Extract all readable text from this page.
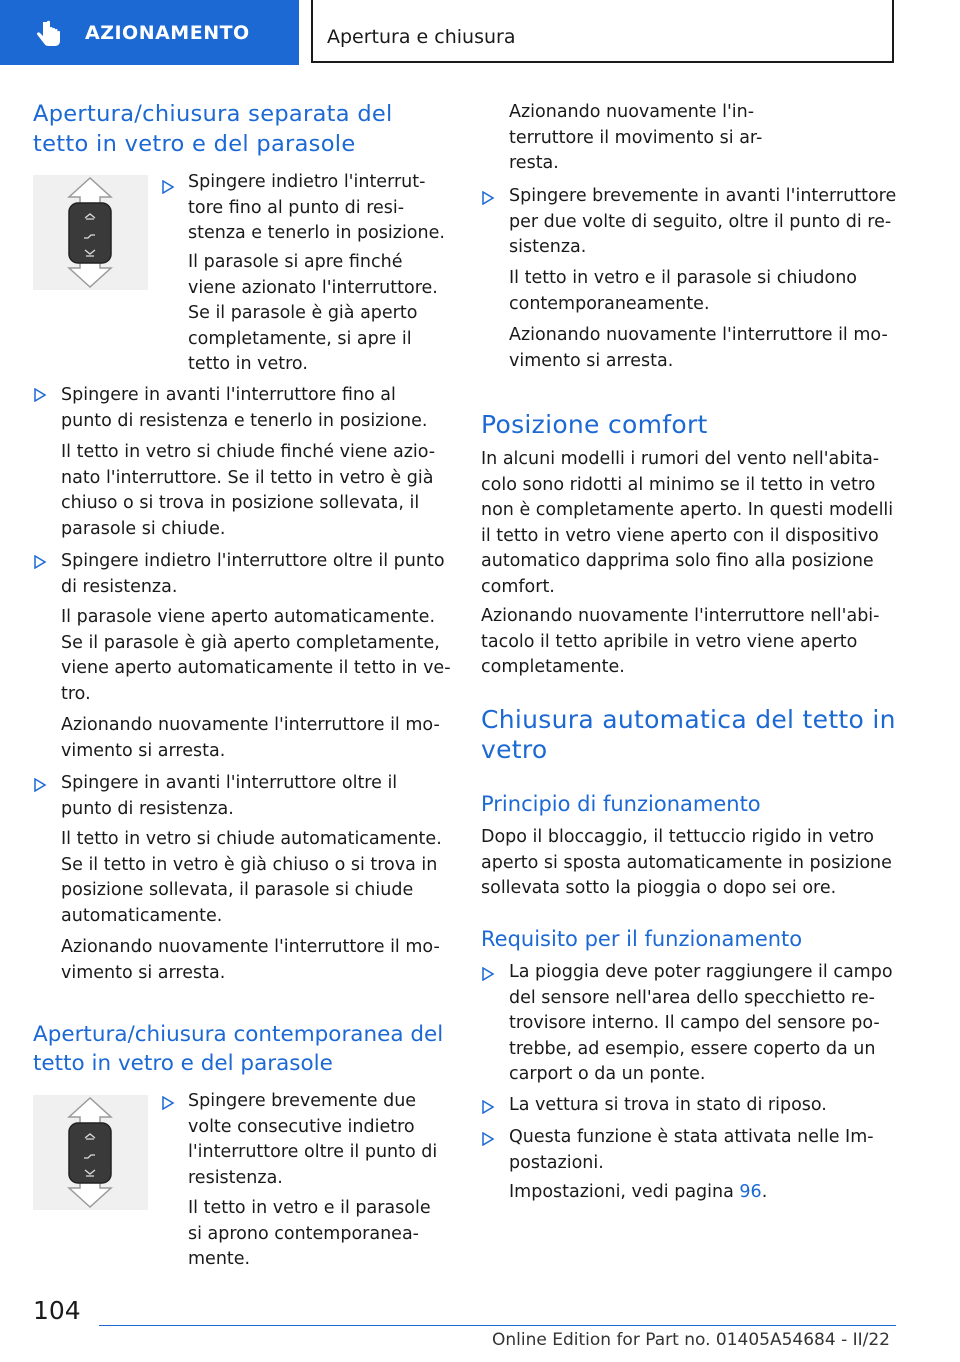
AZIONAMENTO	Apertura e chiusura
Apertura/chiusura separata del tetto in vetro e del parasole
Spingere indietro l'interrut-tore fino al punto di resi-stenza e tenerlo in posizione.
Il parasole si apre finché viene azionato l'interruttore. Se il parasole è già aperto completamente, si apre il tetto in vetro.
Spingere in avanti l'interruttore fino al punto di resistenza e tenerlo in posizione.
Il tetto in vetro si chiude finché viene azio-nato l'interruttore. Se il tetto in vetro è già chiuso o si trova in posizione sollevata, il parasole si chiude.
Spingere indietro l'interruttore oltre il punto di resistenza.
Il parasole viene aperto automaticamente. Se il parasole è già aperto completamente, viene aperto automaticamente il tetto in ve-tro.
Azionando nuovamente l'interruttore il mo-vimento si arresta.
Spingere in avanti l'interruttore oltre il punto di resistenza.
Il tetto in vetro si chiude automaticamente. Se il tetto in vetro è già chiuso o si trova in posizione sollevata, il parasole si chiude automaticamente.
Azionando nuovamente l'interruttore il mo-vimento si arresta.
Apertura/chiusura contemporanea del tetto in vetro e del parasole
Spingere brevemente due volte consecutive indietro l'interruttore oltre il punto di resistenza.
Il tetto in vetro e il parasole si aprono contemporanea-mente.
Azionando nuovamente l'in-terruttore il movimento si ar-resta.
Spingere brevemente in avanti l'interruttore per due volte di seguito, oltre il punto di re-sistenza.
Il tetto in vetro e il parasole si chiudono contemporaneamente.
Azionando nuovamente l'interruttore il mo-vimento si arresta.
Posizione comfort
In alcuni modelli i rumori del vento nell'abita-colo sono ridotti al minimo se il tetto in vetro non è completamente aperto. In questi modelli il tetto in vetro viene aperto con il dispositivo automatico dapprima solo fino alla posizione comfort.
Azionando nuovamente l'interruttore nell'abi-tacolo il tetto apribile in vetro viene aperto completamente.
Chiusura automatica del tetto in vetro
Principio di funzionamento
Dopo il bloccaggio, il tettuccio rigido in vetro aperto si sposta automaticamente in posizione sollevata sotto la pioggia o dopo sei ore.
Requisito per il funzionamento
La pioggia deve poter raggiungere il campo del sensore nell'area dello specchietto re-trovisore interno. Il campo del sensore po-trebbe, ad esempio, essere coperto da un carport o da un ponte.
La vettura si trova in stato di riposo.
Questa funzione è stata attivata nelle Im-postazioni.
Impostazioni, vedi pagina 96.
104
Online Edition for Part no. 01405A54684 - II/22
